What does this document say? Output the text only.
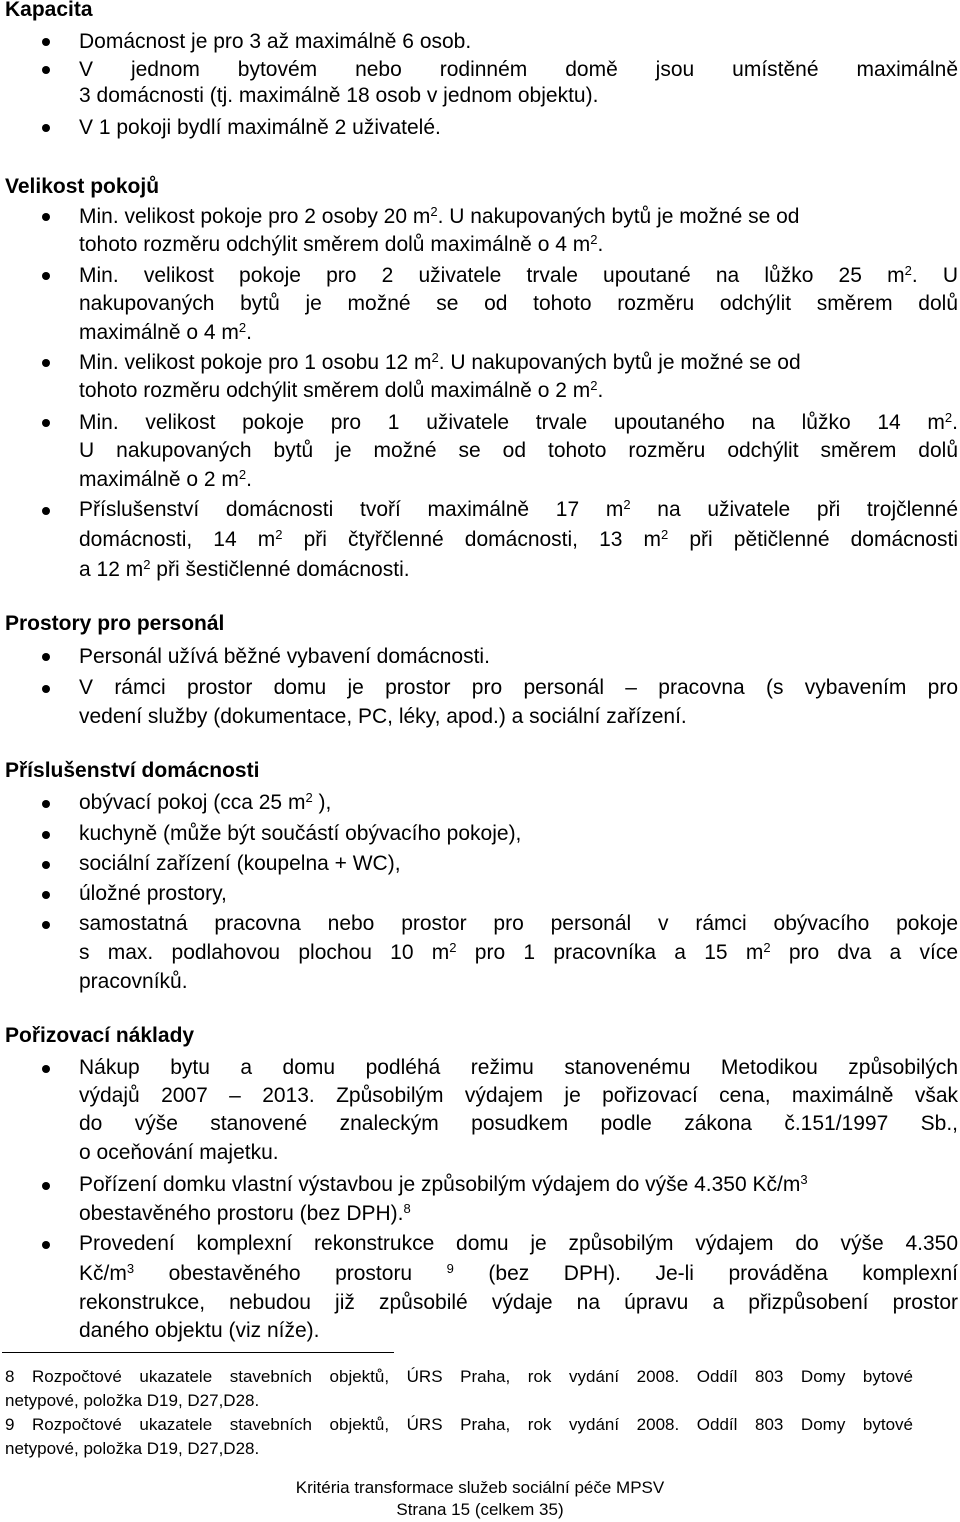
Kapacita
Domácnost je pro 3 až maximálně 6 osob.
V jednom bytovém nebo rodinném domě jsou umístěné maximálně
3 domácnosti (tj. maximálně 18 osob v jednom objektu).
V 1 pokoji bydlí maximálně 2 uživatelé.
Velikost pokojů
Min. velikost pokoje pro 2 osoby 20 $m^2$. U nakupovaných bytů je možné se od
tohoto rozměru odchýlit směrem dolů maximálně o 4 $m^2$.
Min. velikost pokoje pro 2 uživatele trvale upoutané na lůžko 25 $m^2$. U
nakupovaných bytů je možné se od tohoto rozměru odchýlit směrem dolů
maximálně o 4 $m^2$.
Min. velikost pokoje pro 1 osobu 12 $m^2$. U nakupovaných bytů je možné se od
tohoto rozměru odchýlit směrem dolů maximálně o 2 $m^2$.
Min. velikost pokoje pro 1 uživatele trvale upoutaného na lůžko 14 $m^2$.
U nakupovaných bytů je možné se od tohoto rozměru odchýlit směrem dolů
maximálně o 2 $m^2$.
Příslušenství domácnosti tvoří maximálně 17 $m^2$ na uživatele při trojčlenné
domácnosti, 14 $m^2$ při čtyřčlenné domácnosti, 13 $m^2$ při pětičlenné domácnosti
a 12 $m^2$ při šestičlenné domácnosti.
Prostory pro personál
Personál užívá běžné vybavení domácnosti.
V rámci prostor domu je prostor pro personál – pracovna (s vybavením pro
vedení služby (dokumentace, PC, léky, apod.) a sociální zařízení.
Příslušenství domácnosti
obývací pokoj (cca 25 $m^2$ ),
kuchyně (může být součástí obývacího pokoje),
sociální zařízení (koupelna + WC),
úložné prostory,
samostatná pracovna nebo prostor pro personál v rámci obývacího pokoje
s max. podlahovou plochou 10 $m^2$ pro 1 pracovníka a 15 $m^2$ pro dva a více
pracovníků.
Pořizovací náklady
Nákup bytu a domu podléhá režimu stanovenému Metodikou způsobilých
výdajů 2007 – 2013. Způsobilým výdajem je pořizovací cena, maximálně však
do výše stanovené znaleckým posudkem podle zákona č.151/1997 Sb.,
o oceňování majetku.
Pořízení domku vlastní výstavbou je způsobilým výdajem do výše 4.350 $Kč/m^3$
obestavěného prostoru (bez DPH).$^8$
Provedení komplexní rekonstrukce domu je způsobilým výdajem do výše 4.350
$Kč/m^3$ obestavěného prostoru $^9$ (bez DPH). Je-li prováděna komplexní
rekonstrukce, nebudou již způsobilé výdaje na úpravu a přizpůsobení prostor
daného objektu (viz níže).
8 Rozpočtové ukazatele stavebních objektů, ÚRS Praha, rok vydání 2008. Oddíl 803 Domy bytové
netypové, položka D19, D27,D28.
9 Rozpočtové ukazatele stavebních objektů, ÚRS Praha, rok vydání 2008. Oddíl 803 Domy bytové
netypové, položka D19, D27,D28.
Kritéria transformace služeb sociální péče MPSV
Strana 15 (celkem 35)
